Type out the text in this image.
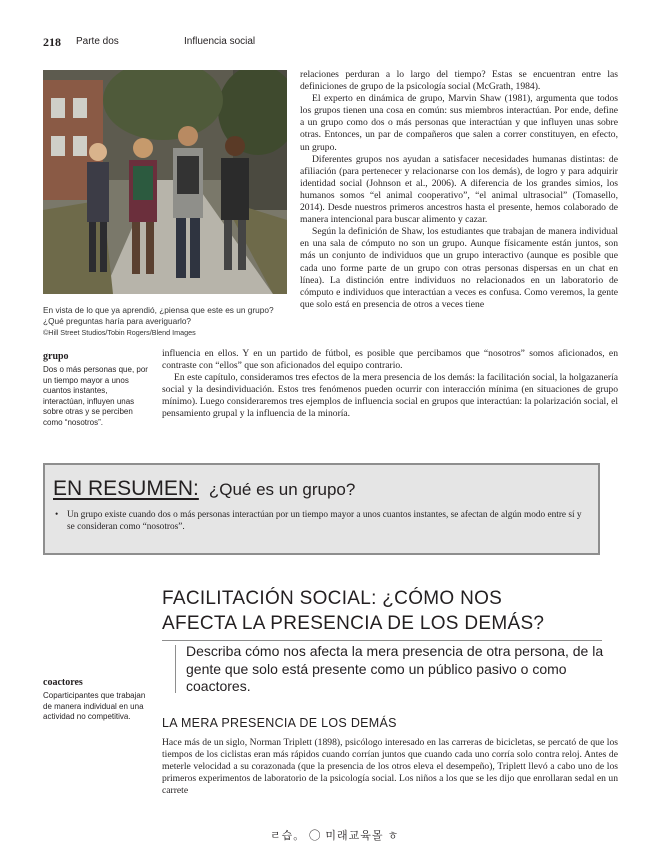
218 Parte dos	Influencia social
En vista de lo que ya aprendió, ¿piensa que este es un grupo? ¿Qué preguntas haría para averiguarlo?
©Hill Street Studios/Tobin Rogers/Blend Images

relaciones perduran a lo largo del tiempo? Estas se encuentran entre las definiciones de grupo de la psicología social (McGrath, 1984).

El experto en dinámica de grupo, Marvin Shaw (1981), argumenta que todos los grupos tienen una cosa en común: sus miembros interactúan. Por ende, define a un grupo como dos o más personas que interactúan y que influyen unas sobre otras. Entonces, un par de compañeros que salen a correr constituyen, en efecto, un grupo.

Diferentes grupos nos ayudan a satisfacer necesidades humanas distintas: de afiliación (para pertenecer y relacionarse con los demás), de logro y para adquirir identidad social (Johnson et al., 2006). A diferencia de los grandes simios, los humanos somos “el animal cooperativo”, “el animal ultrasocial” (Tomasello, 2014). Desde nuestros primeros ancestros hasta el presente, hemos colaborado de manera intencional para buscar alimento y cazar.

Según la definición de Shaw, los estudiantes que trabajan de manera individual en una sala de cómputo no son un grupo. Aunque físicamente están juntos, son más un conjunto de individuos que un grupo interactivo (aunque es posible que cada uno forme parte de un grupo con otras personas dispersas en un chat en línea). La distinción entre individuos no relacionados en un laboratorio de cómputo e individuos que interactúan a veces es confusa. Como veremos, la gente que solo está en presencia de otros a veces tiene

grupo
Dos o más personas que, por un tiempo mayor a unos cuantos instantes, interactúan, influyen unas sobre otras y se perciben como “nosotros”.

influencia en ellos. Y en un partido de fútbol, es posible que percibamos que “nosotros” somos aficionados, en contraste con “ellos” que son aficionados del equipo contrario.

En este capítulo, consideramos tres efectos de la mera presencia de los demás: la facilitación social, la holgazanería social y la desindividuación. Estos tres fenómenos pueden ocurrir con interacción mínima (en situaciones de grupo mínimo). Luego consideraremos tres ejemplos de influencia social en grupos que interactúan: la polarización social, el pensamiento grupal y la influencia de la minoría.

EN RESUMEN: ¿Qué es un grupo?
• Un grupo existe cuando dos o más personas interactúan por un tiempo mayor a unos cuantos instantes, se afectan de algún modo entre sí y se consideran como “nosotros”.
FACILITACIÓN SOCIAL: ¿CÓMO NOS
AFECTA LA PRESENCIA DE LOS DEMÁS?
Describa cómo nos afecta la mera presencia de otra persona, de la gente que solo está presente como un público pasivo o como coactores.
coactores
Coparticipantes que trabajan de manera individual en una actividad no competitiva.	LA MERA PRESENCIA DE LOS DEMÁS

Hace más de un siglo, Norman Triplett (1898), psicólogo interesado en las carreras de bicicletas, se percató de que los tiempos de los ciclistas eran más rápidos cuando corrían juntos que cuando cada uno corría solo contra reloj. Antes de meterle velocidad a su corazonada (que la presencia de los otros eleva el desempeño), Triplett llevó a cabo uno de los primeros experimentos de laboratorio de la psicología social. Los niños a los que se les dijo que enrollaran sedal en un carrete

ㄹ습。 ◯ 미래교육몰 ㅎ
